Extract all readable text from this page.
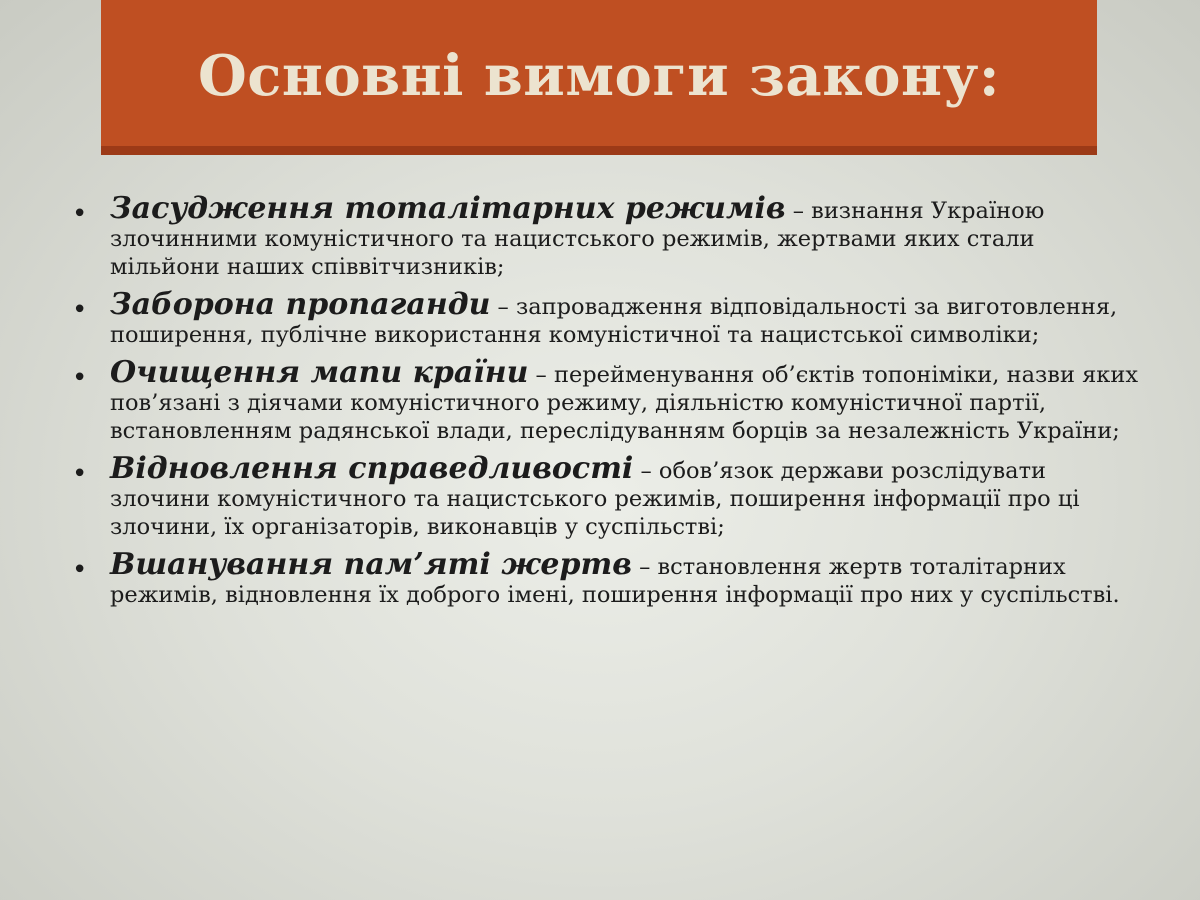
Основні вимоги закону:
• Засудження тоталітарних режимів – визнання Україною злочинними комуністичного та нацистського режимів, жертвами яких стали мільйони наших співвітчизників;
• Заборона пропаганди – запровадження відповідальності за виготовлення, поширення, публічне використання комуністичної та нацистської символіки;
• Очищення мапи країни – перейменування об’єктів топоніміки, назви яких пов’язані з діячами комуністичного режиму, діяльністю комуністичної партії, встановленням радянської влади, переслідуванням борців за незалежність України;
• Відновлення справедливості – обов’язок держави розслідувати злочини комуністичного та нацистського режимів, поширення інформації про ці злочини, їх організаторів, виконавців у суспільстві;
• Вшанування пам’яті жертв – встановлення жертв тоталітарних режимів, відновлення їх доброго імені, поширення інформації про них у суспільстві.
